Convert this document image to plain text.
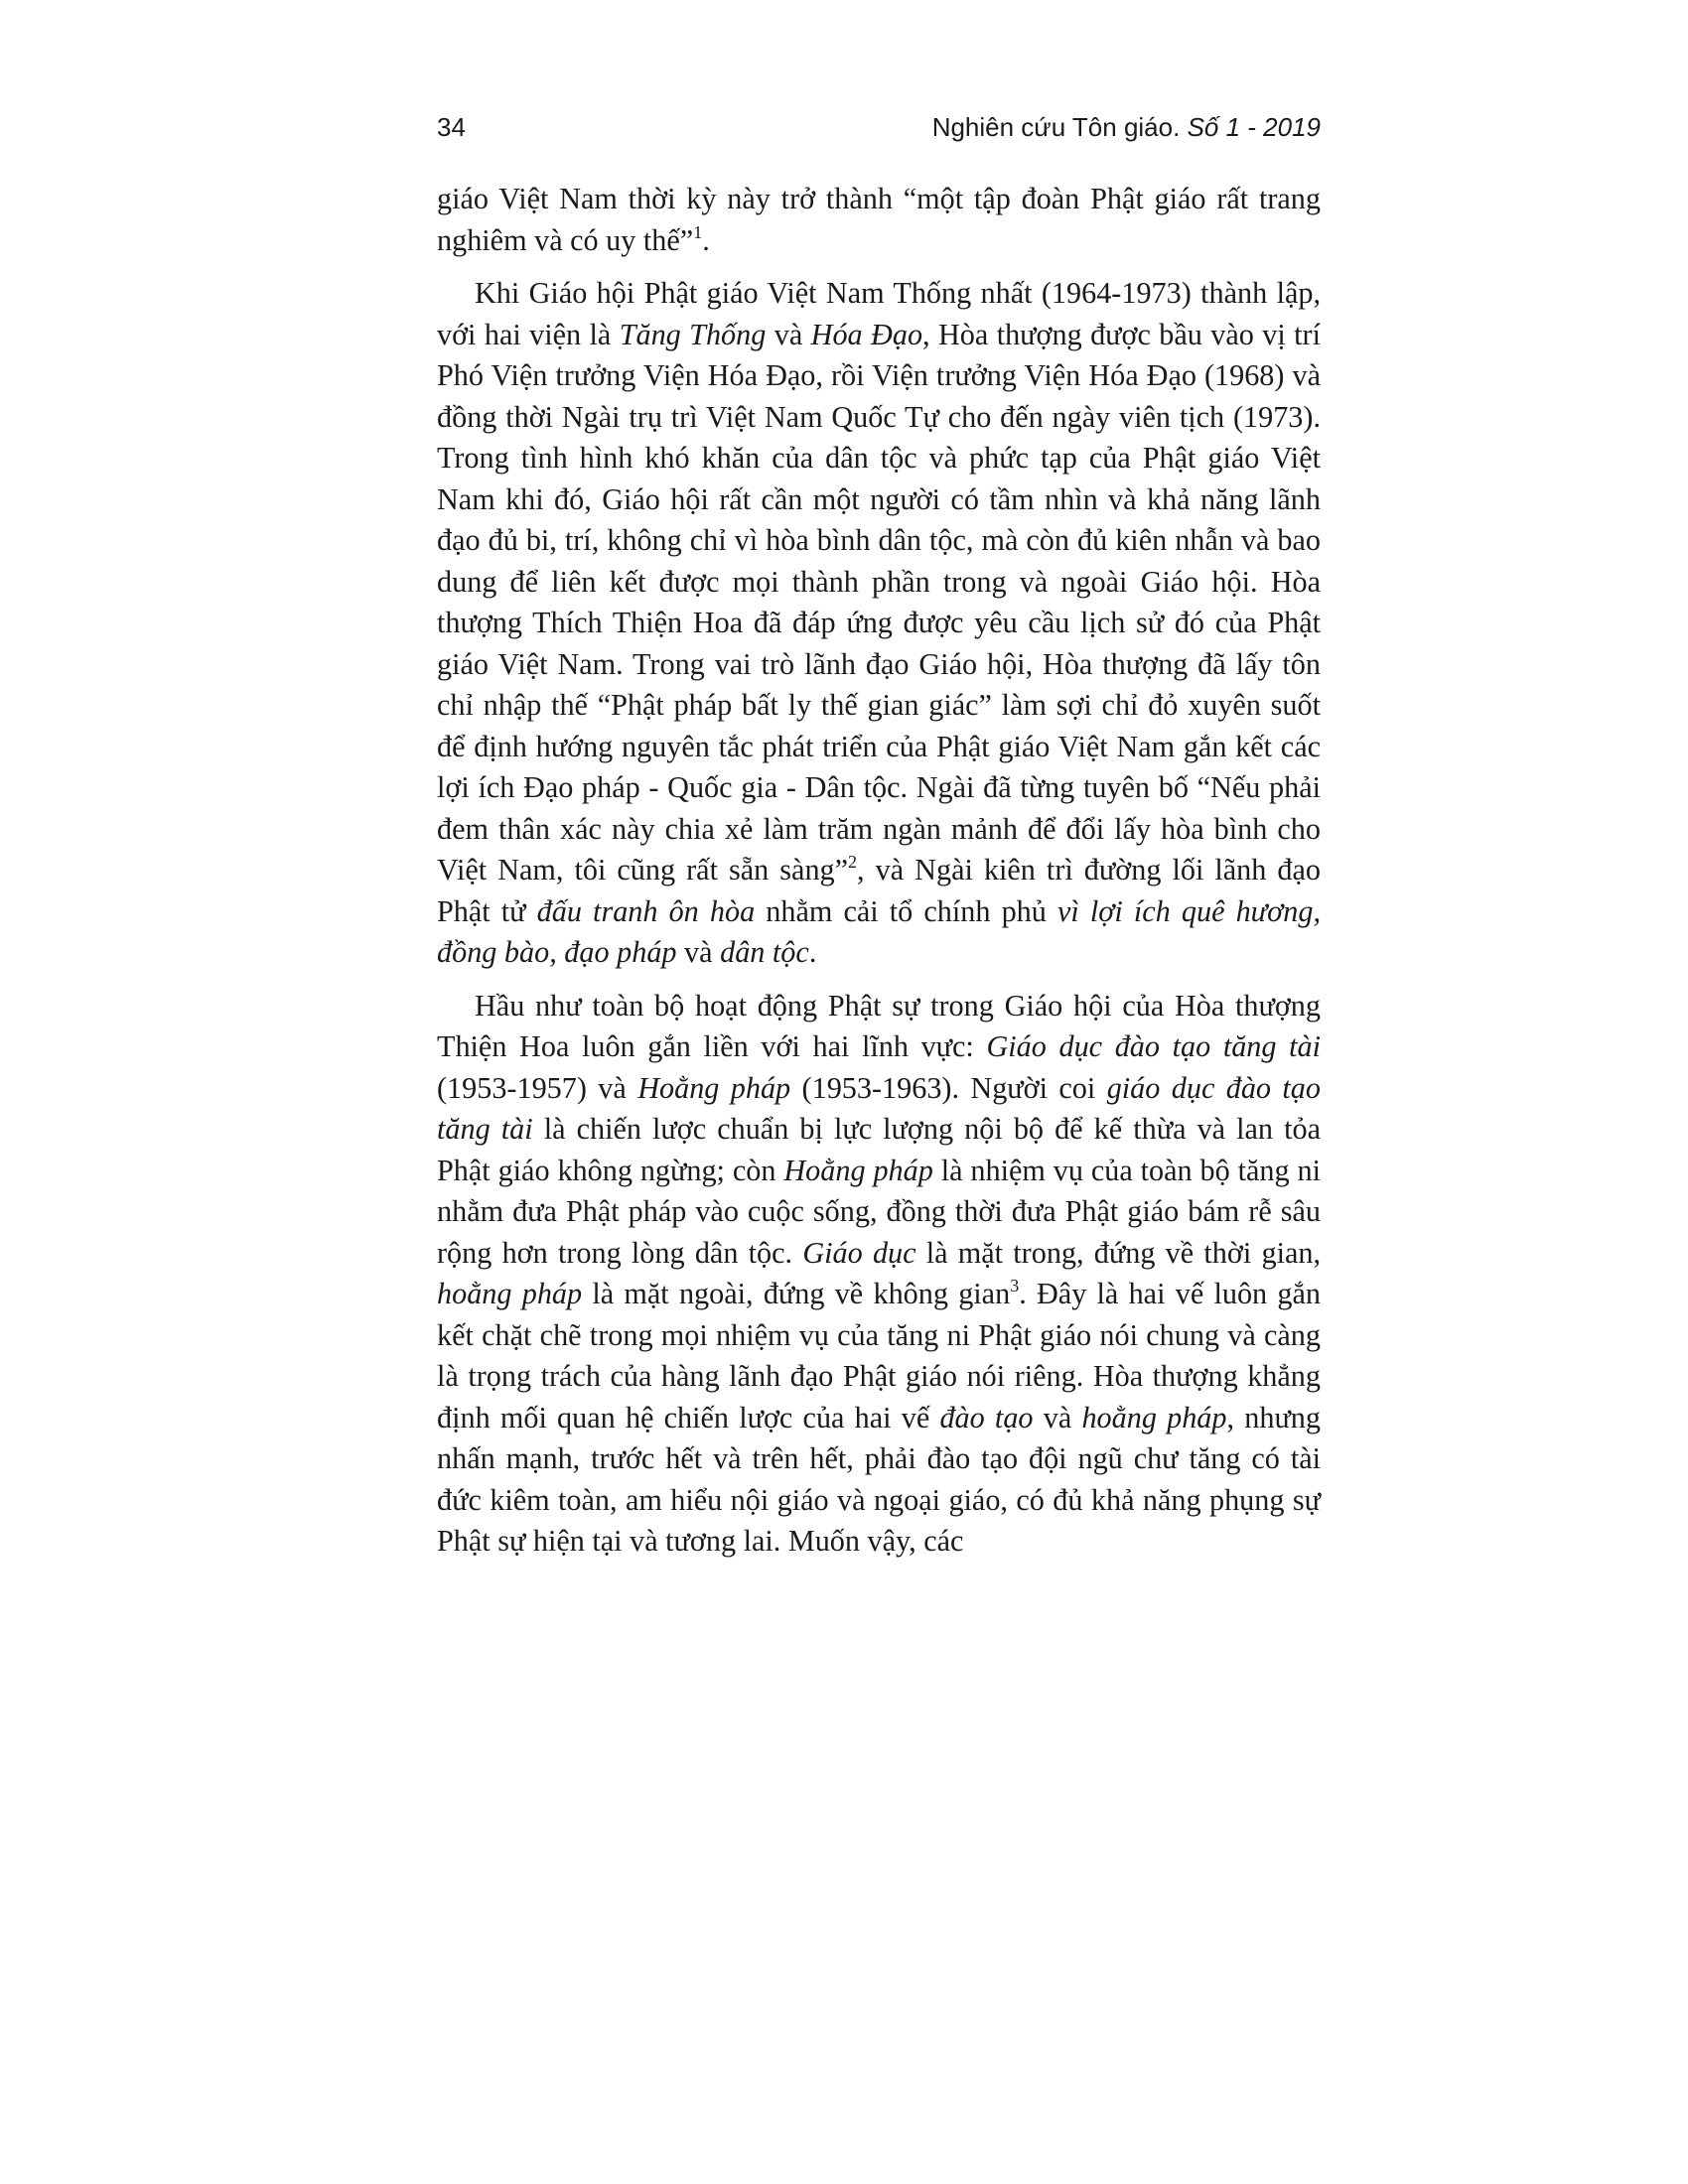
34	Nghiên cứu Tôn giáo. Số 1 - 2019

giáo Việt Nam thời kỳ này trở thành “một tập đoàn Phật giáo rất trang nghiêm và có uy thế”$^1$.

Khi Giáo hội Phật giáo Việt Nam Thống nhất (1964-1973) thành lập, với hai viện là Tăng Thống và Hóa Đạo, Hòa thượng được bầu vào vị trí Phó Viện trưởng Viện Hóa Đạo, rồi Viện trưởng Viện Hóa Đạo (1968) và đồng thời Ngài trụ trì Việt Nam Quốc Tự cho đến ngày viên tịch (1973). Trong tình hình khó khăn của dân tộc và phức tạp của Phật giáo Việt Nam khi đó, Giáo hội rất cần một người có tầm nhìn và khả năng lãnh đạo đủ bi, trí, không chỉ vì hòa bình dân tộc, mà còn đủ kiên nhẫn và bao dung để liên kết được mọi thành phần trong và ngoài Giáo hội. Hòa thượng Thích Thiện Hoa đã đáp ứng được yêu cầu lịch sử đó của Phật giáo Việt Nam. Trong vai trò lãnh đạo Giáo hội, Hòa thượng đã lấy tôn chỉ nhập thế “Phật pháp bất ly thế gian giác” làm sợi chỉ đỏ xuyên suốt để định hướng nguyên tắc phát triển của Phật giáo Việt Nam gắn kết các lợi ích Đạo pháp - Quốc gia - Dân tộc. Ngài đã từng tuyên bố “Nếu phải đem thân xác này chia xẻ làm trăm ngàn mảnh để đổi lấy hòa bình cho Việt Nam, tôi cũng rất sẵn sàng”$^2$, và Ngài kiên trì đường lối lãnh đạo Phật tử đấu tranh ôn hòa nhằm cải tổ chính phủ vì lợi ích quê hương, đồng bào, đạo pháp và dân tộc.

Hầu như toàn bộ hoạt động Phật sự trong Giáo hội của Hòa thượng Thiện Hoa luôn gắn liền với hai lĩnh vực: Giáo dục đào tạo tăng tài (1953-1957) và Hoằng pháp (1953-1963). Người coi giáo dục đào tạo tăng tài là chiến lược chuẩn bị lực lượng nội bộ để kế thừa và lan tỏa Phật giáo không ngừng; còn Hoằng pháp là nhiệm vụ của toàn bộ tăng ni nhằm đưa Phật pháp vào cuộc sống, đồng thời đưa Phật giáo bám rễ sâu rộng hơn trong lòng dân tộc. Giáo dục là mặt trong, đứng về thời gian, hoằng pháp là mặt ngoài, đứng về không gian$^3$. Đây là hai vế luôn gắn kết chặt chẽ trong mọi nhiệm vụ của tăng ni Phật giáo nói chung và càng là trọng trách của hàng lãnh đạo Phật giáo nói riêng. Hòa thượng khẳng định mối quan hệ chiến lược của hai vế đào tạo và hoằng pháp, nhưng nhấn mạnh, trước hết và trên hết, phải đào tạo đội ngũ chư tăng có tài đức kiêm toàn, am hiểu nội giáo và ngoại giáo, có đủ khả năng phụng sự Phật sự hiện tại và tương lai. Muốn vậy, các
